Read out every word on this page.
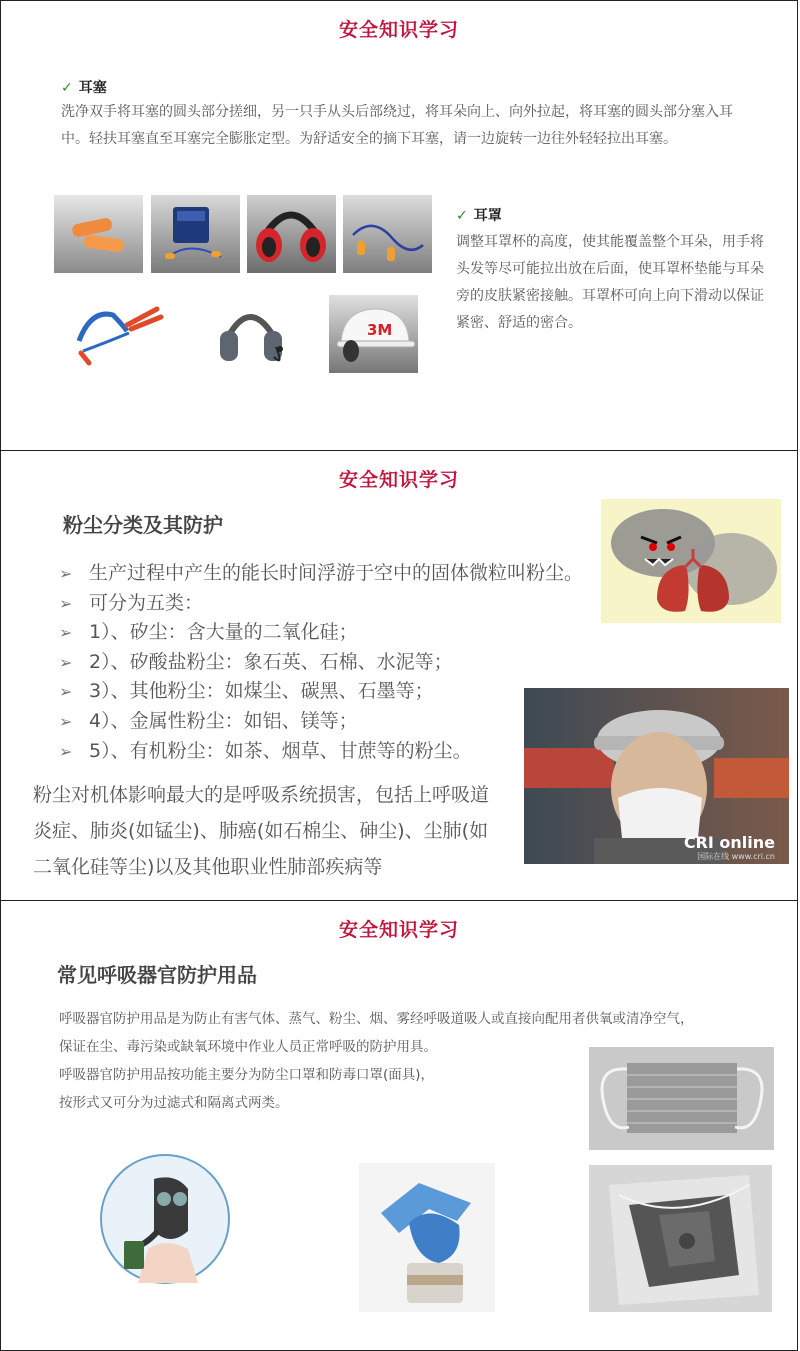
安全知识学习
✓ 耳塞
洗净双手将耳塞的圆头部分搓细，另一只手从头后部绕过，将耳朵向上、向外拉起，将耳塞的圆头部分塞入耳中。轻扶耳塞直至耳塞完全膨胀定型。为舒适安全的摘下耳塞，请一边旋转一边往外轻轻拉出耳塞。
3M
✓ 耳罩
调整耳罩杯的高度，使其能覆盖整个耳朵，用手将头发等尽可能拉出放在后面，使耳罩杯垫能与耳朵旁的皮肤紧密接触。耳罩杯可向上向下滑动以保证紧密、舒适的密合。
安全知识学习
粉尘分类及其防护
➢ 生产过程中产生的能长时间浮游于空中的固体微粒叫粉尘。
➢ 可分为五类：
➢ 1）、矽尘：含大量的二氧化硅；
➢ 2）、矽酸盐粉尘：象石英、石棉、水泥等；
➢ 3）、其他粉尘：如煤尘、碳黑、石墨等；
➢ 4）、金属性粉尘：如铝、镁等；
➢ 5）、有机粉尘：如茶、烟草、甘蔗等的粉尘。
粉尘对机体影响最大的是呼吸系统损害，包括上呼吸道炎症、肺炎(如锰尘)、肺癌(如石棉尘、砷尘)、尘肺(如二氧化硅等尘)以及其他职业性肺部疾病等
CRI online
国际在线 www.cri.cn
安全知识学习
常见呼吸器官防护用品
呼吸器官防护用品是为防止有害气体、蒸气、粉尘、烟、雾经呼吸道吸人或直接向配用者供氧或清净空气，
保证在尘、毒污染或缺氧环境中作业人员正常呼吸的防护用具。
呼吸器官防护用品按功能主要分为防尘口罩和防毒口罩(面具)，
按形式又可分为过滤式和隔离式两类。
